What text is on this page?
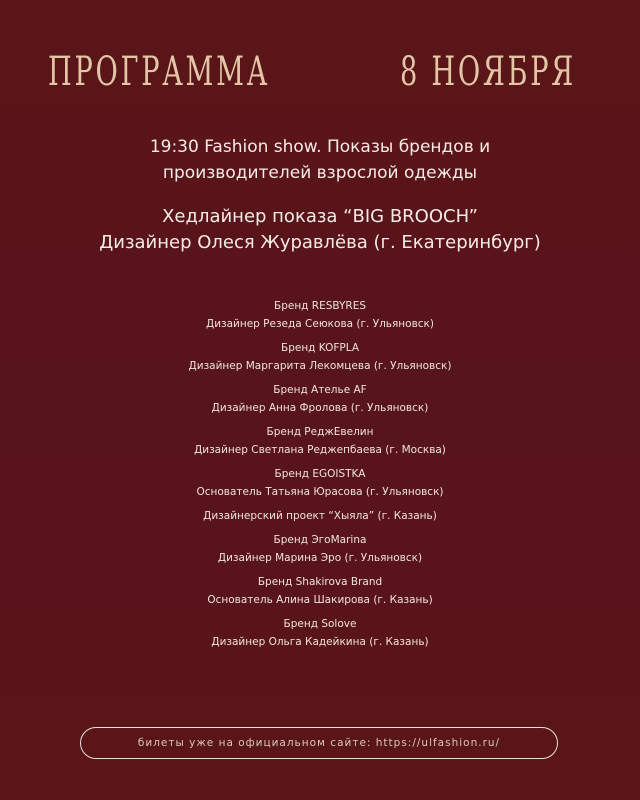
ПРОГРАММА	8 НОЯБРЯ

19:30 Fashion show. Показы брендов и

производителей взрослой одежды

Хедлайнер показа “BIG BROOCH”

Дизайнер Олеся Журавлёва (г. Екатеринбург)

Бренд RESBYRES
Дизайнер Резеда Сеюкова (г. Ульяновск)
Бренд KOFPLA
Дизайнер Маргарита Лекомцева (г. Ульяновск)
Бренд Ателье AF
Дизайнер Анна Фролова (г. Ульяновск)
Бренд РеджЕвелин
Дизайнер Светлана Реджепбаева (г. Москва)
Бренд EGOISTKA
Основатель Татьяна Юрасова (г. Ульяновск)
Дизайнерский проект “Хыяла” (г. Казань)
Бренд ЭгоMarina
Дизайнер Марина Эро (г. Ульяновск)
Бренд Shakirova Brand
Основатель Алина Шакирова (г. Казань)
Бренд Solove
Дизайнер Ольга Кадейкина (г. Казань)
билеты уже на официальном сайте: https://ulfashion.ru/
